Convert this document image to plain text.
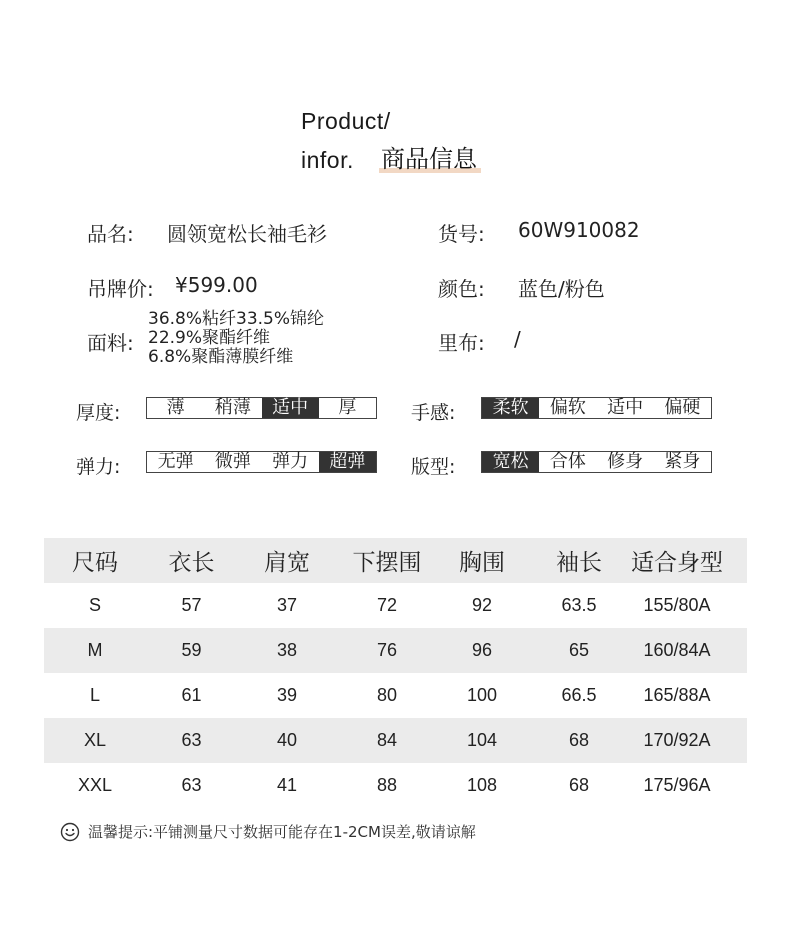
Product/
infor. 商品信息
品名: 圆领宽松长袖毛衫	货号: 60W910082
吊牌价: ¥599.00	颜色: 蓝色/粉色
面料:
36.8%粘纤33.5%锦纶
22.9%聚酯纤维
6.8%聚酯薄膜纤维
里布: /
厚度:	薄	稍薄	适中	厚	手感:	柔软	偏软	适中	偏硬
弹力:	无弹	微弹	弹力	超弹	版型:	宽松	合体	修身	紧身
尺码	衣长	肩宽	下摆围	胸围	袖长	适合身型
S	57	37	72	92	63.5	155/80A
M	59	38	76	96	65	160/84A
L	61	39	80	100	66.5	165/88A
XL	63	40	84	104	68	170/92A
XXL	63	41	88	108	68	175/96A
温馨提示:平铺测量尺寸数据可能存在1-2CM误差,敬请谅解
